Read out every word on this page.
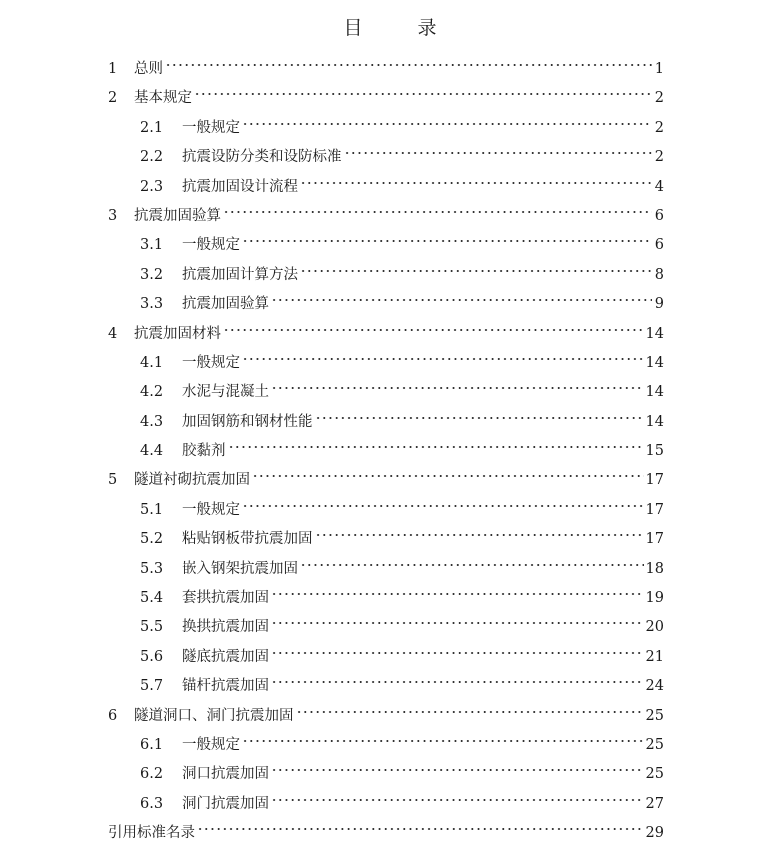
目　录
1	总则	1
2	基本规定	2
2.1	一般规定	2
2.2	抗震设防分类和设防标准	2
2.3	抗震加固设计流程	4
3	抗震加固验算	6
3.1	一般规定	6
3.2	抗震加固计算方法	8
3.3	抗震加固验算	9
4	抗震加固材料	14
4.1	一般规定	14
4.2	水泥与混凝土	14
4.3	加固钢筋和钢材性能	14
4.4	胶黏剂	15
5	隧道衬砌抗震加固	17
5.1	一般规定	17
5.2	粘贴钢板带抗震加固	17
5.3	嵌入钢架抗震加固	18
5.4	套拱抗震加固	19
5.5	换拱抗震加固	20
5.6	隧底抗震加固	21
5.7	锚杆抗震加固	24
6	隧道洞口、洞门抗震加固	25
6.1	一般规定	25
6.2	洞口抗震加固	25
6.3	洞门抗震加固	27
引用标准名录	29
